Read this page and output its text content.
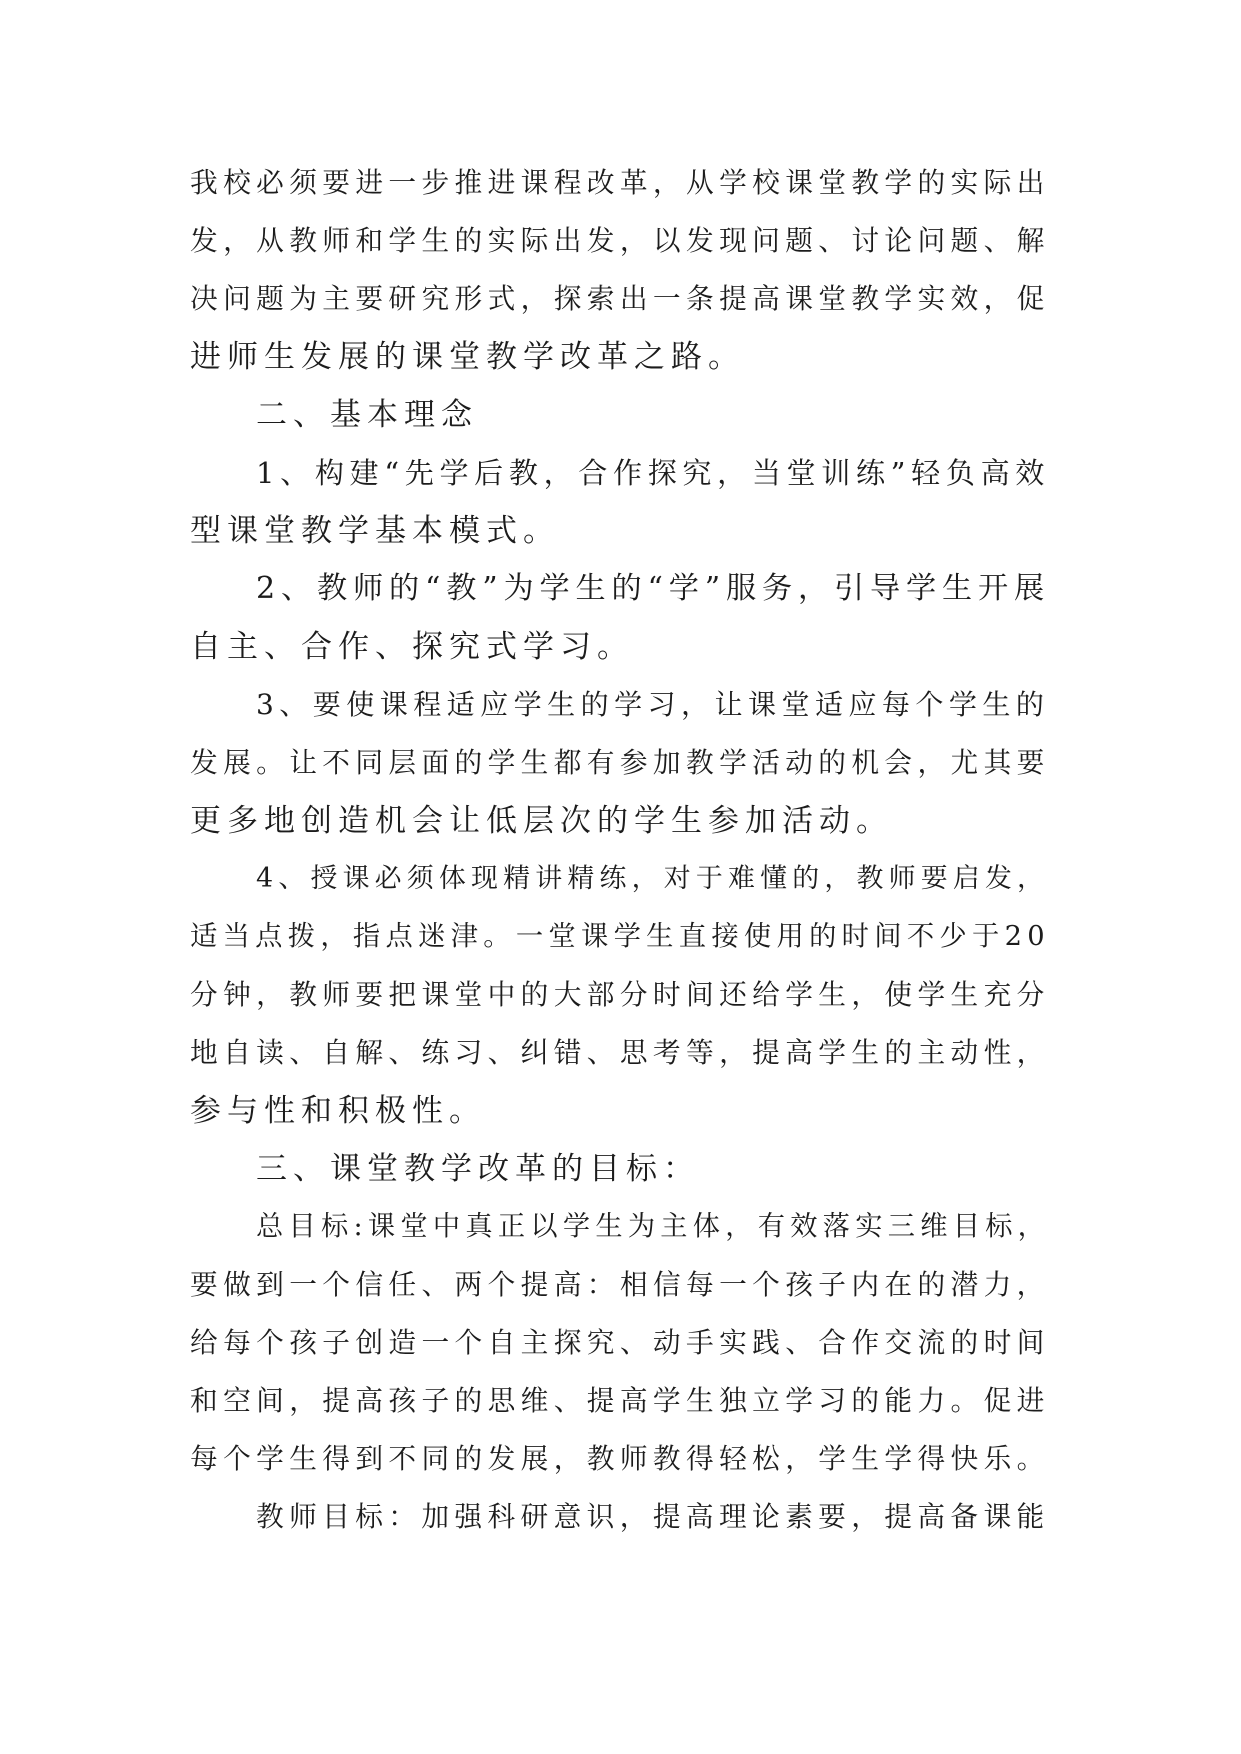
我校必须要进一步推进课程改革，从学校课堂教学的实际出
发，从教师和学生的实际出发，以发现问题、讨论问题、解
决问题为主要研究形式，探索出一条提高课堂教学实效，促
进师生发展的课堂教学改革之路。
二、基本理念
1、构建“先学后教，合作探究，当堂训练”轻负高效
型课堂教学基本模式。
2、教师的“教”为学生的“学”服务，引导学生开展
自主、合作、探究式学习。
3、要使课程适应学生的学习，让课堂适应每个学生的
发展。让不同层面的学生都有参加教学活动的机会，尤其要
更多地创造机会让低层次的学生参加活动。
4、授课必须体现精讲精练，对于难懂的，教师要启发，
适当点拨，指点迷津。一堂课学生直接使用的时间不少于20
分钟，教师要把课堂中的大部分时间还给学生，使学生充分
地自读、自解、练习、纠错、思考等，提高学生的主动性，
参与性和积极性。
三、课堂教学改革的目标：
总目标:课堂中真正以学生为主体，有效落实三维目标，
要做到一个信任、两个提高：相信每一个孩子内在的潜力，
给每个孩子创造一个自主探究、动手实践、合作交流的时间
和空间，提高孩子的思维、提高学生独立学习的能力。促进
每个学生得到不同的发展，教师教得轻松，学生学得快乐。
教师目标：加强科研意识，提高理论素要，提高备课能
